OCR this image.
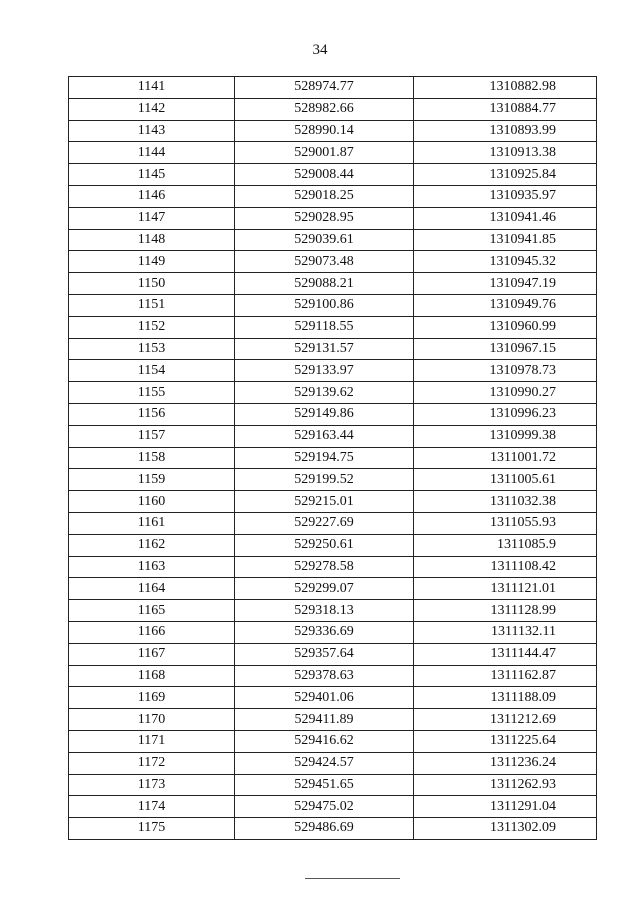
34
1141	528974.77	1310882.98
1142	528982.66	1310884.77
1143	528990.14	1310893.99
1144	529001.87	1310913.38
1145	529008.44	1310925.84
1146	529018.25	1310935.97
1147	529028.95	1310941.46
1148	529039.61	1310941.85
1149	529073.48	1310945.32
1150	529088.21	1310947.19
1151	529100.86	1310949.76
1152	529118.55	1310960.99
1153	529131.57	1310967.15
1154	529133.97	1310978.73
1155	529139.62	1310990.27
1156	529149.86	1310996.23
1157	529163.44	1310999.38
1158	529194.75	1311001.72
1159	529199.52	1311005.61
1160	529215.01	1311032.38
1161	529227.69	1311055.93
1162	529250.61	1311085.9
1163	529278.58	1311108.42
1164	529299.07	1311121.01
1165	529318.13	1311128.99
1166	529336.69	1311132.11
1167	529357.64	1311144.47
1168	529378.63	1311162.87
1169	529401.06	1311188.09
1170	529411.89	1311212.69
1171	529416.62	1311225.64
1172	529424.57	1311236.24
1173	529451.65	1311262.93
1174	529475.02	1311291.04
1175	529486.69	1311302.09
